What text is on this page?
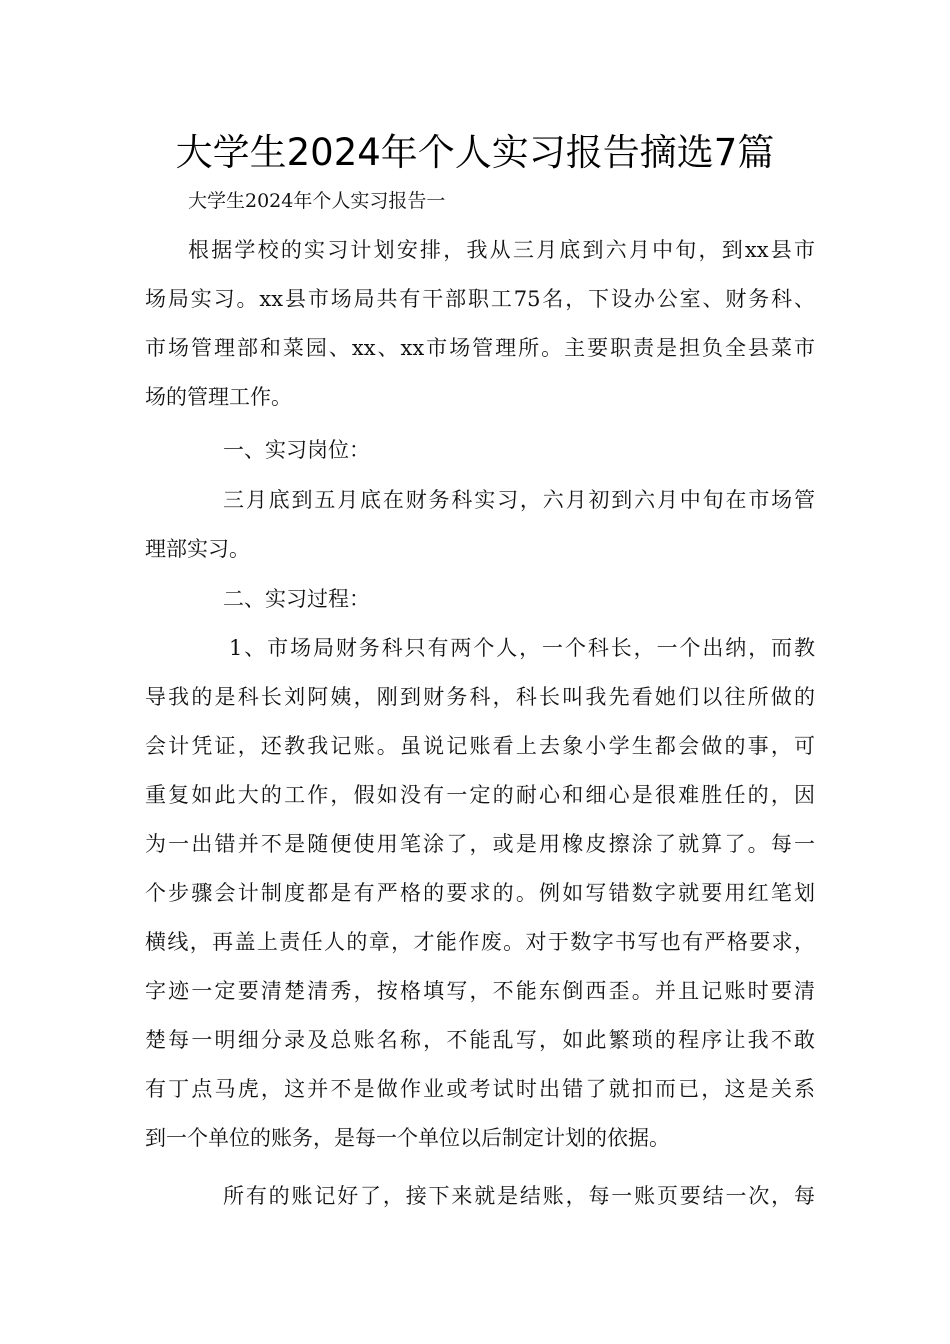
大学生2024年个人实习报告摘选7篇
大学生2024年个人实习报告一
根据学校的实习计划安排，我从三月底到六月中旬，到xx县市
场局实习。xx县市场局共有干部职工75名，下设办公室、财务科、
市场管理部和菜园、xx、xx市场管理所。主要职责是担负全县菜市
场的管理工作。
一、实习岗位：
三月底到五月底在财务科实习，六月初到六月中旬在市场管
理部实习。
二、实习过程：
1、市场局财务科只有两个人，一个科长，一个出纳，而教
导我的是科长刘阿姨，刚到财务科，科长叫我先看她们以往所做的
会计凭证，还教我记账。虽说记账看上去象小学生都会做的事，可
重复如此大的工作，假如没有一定的耐心和细心是很难胜任的，因
为一出错并不是随便使用笔涂了，或是用橡皮擦涂了就算了。每一
个步骤会计制度都是有严格的要求的。例如写错数字就要用红笔划
横线，再盖上责任人的章，才能作废。对于数字书写也有严格要求，
字迹一定要清楚清秀，按格填写，不能东倒西歪。并且记账时要清
楚每一明细分录及总账名称，不能乱写，如此繁琐的程序让我不敢
有丁点马虎，这并不是做作业或考试时出错了就扣而已，这是关系
到一个单位的账务，是每一个单位以后制定计划的依据。
所有的账记好了，接下来就是结账，每一账页要结一次，每
